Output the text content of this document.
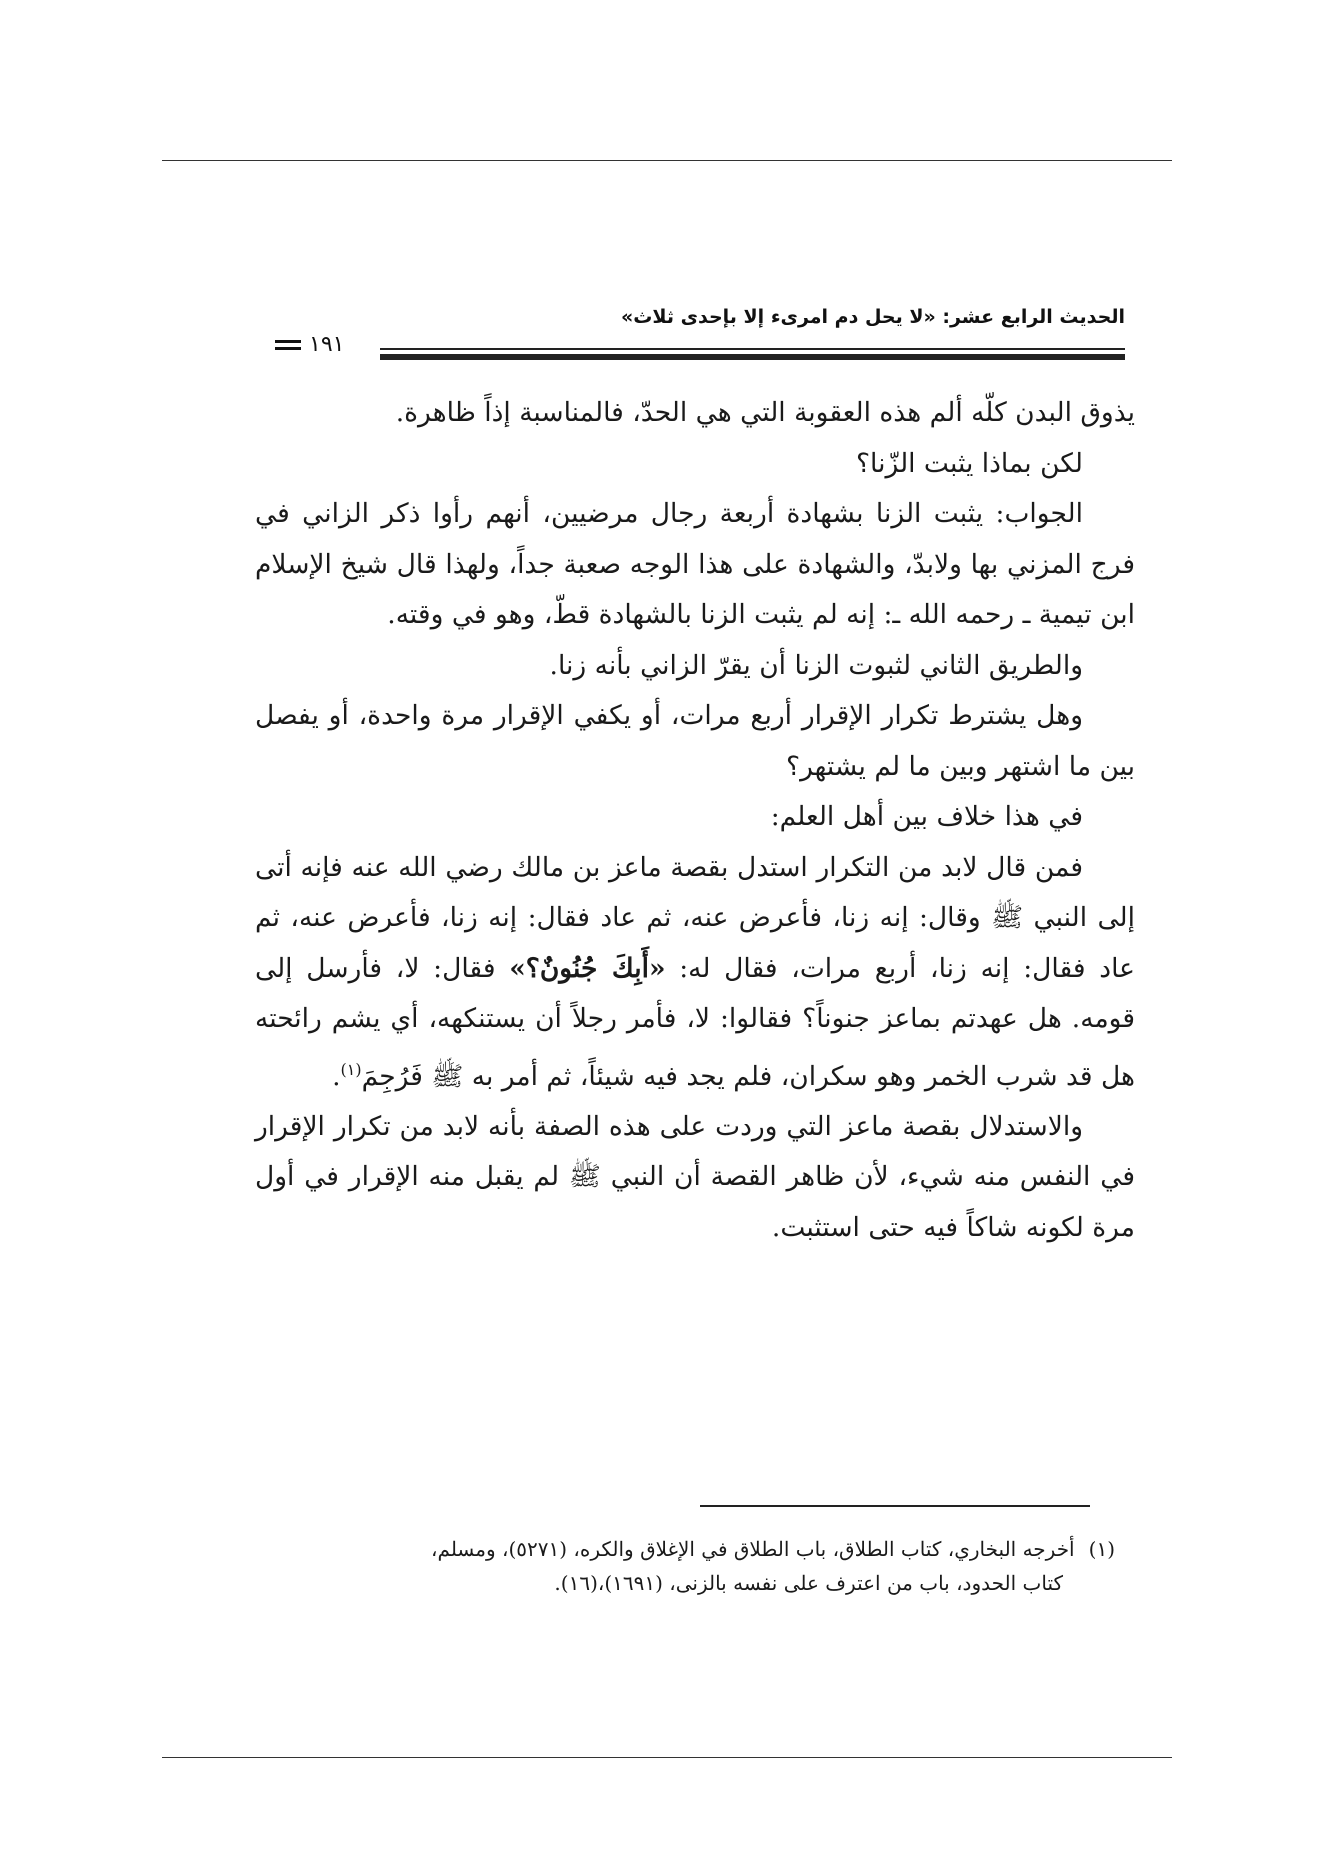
الحديث الرابع عشر: «لا يحل دم امرىء إلا بإحدى ثلاث»
١٩١

يذوق البدن كلّه ألم هذه العقوبة التي هي الحدّ، فالمناسبة إذاً ظاهرة.

لكن بماذا يثبت الزّنا؟

الجواب: يثبت الزنا بشهادة أربعة رجال مرضيين، أنهم رأوا ذكر الزاني في فرج المزني بها ولابدّ، والشهادة على هذا الوجه صعبة جداً، ولهذا قال شيخ الإسلام ابن تيمية ـ رحمه الله ـ: إنه لم يثبت الزنا بالشهادة قطّ، وهو في وقته.

والطريق الثاني لثبوت الزنا أن يقرّ الزاني بأنه زنا.

وهل يشترط تكرار الإقرار أربع مرات، أو يكفي الإقرار مرة واحدة، أو يفصل بين ما اشتهر وبين ما لم يشتهر؟

في هذا خلاف بين أهل العلم:

فمن قال لابد من التكرار استدل بقصة ماعز بن مالك رضي الله عنه فإنه أتى إلى النبي ﷺ وقال: إنه زنا، فأعرض عنه، ثم عاد فقال: إنه زنا، فأعرض عنه، ثم عاد فقال: إنه زنا، أربع مرات، فقال له: «أَبِكَ جُنُونٌ؟» فقال: لا، فأرسل إلى قومه. هل عهدتم بماعز جنوناً؟ فقالوا: لا، فأمر رجلاً أن يستنكهه، أي يشم رائحته هل قد شرب الخمر وهو سكران، فلم يجد فيه شيئاً، ثم أمر به ﷺ فَرُجِمَ$^{(١)}$.

والاستدلال بقصة ماعز التي وردت على هذه الصفة بأنه لابد من تكرار الإقرار في النفس منه شيء، لأن ظاهر القصة أن النبي ﷺ لم يقبل منه الإقرار في أول مرة لكونه شاكاً فيه حتى استثبت.

(١)أخرجه البخاري، كتاب الطلاق، باب الطلاق في الإغلاق والكره، (٥٢٧١)، ومسلم،
كتاب الحدود، باب من اعترف على نفسه بالزنى، (١٦٩١)،(١٦).
